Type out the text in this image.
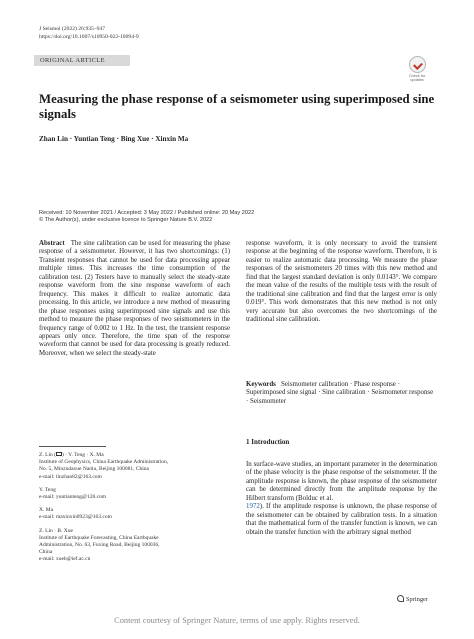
J Seismol (2022) 26:935–947
https://doi.org/10.1007/s10950-022-10094-9
ORIGINAL ARTICLE
Check for
updates
Measuring the phase response of a seismometer using superimposed sine signals
Zhan Lin · Yuntian Teng · Bing Xue · Xinxin Ma
Received: 10 November 2021 / Accepted: 3 May 2022 / Published online: 20 May 2022
© The Author(s), under exclusive licence to Springer Nature B.V. 2022
Abstract The sine calibration can be used for measuring the phase response of a seismometer. However, it has two shortcomings: (1) Transient responses that cannot be used for data processing appear multiple times. This increases the time consumption of the calibration test. (2) Testers have to manually select the steady-state response waveform from the sine response waveform of each frequency. This makes it difficult to realize automatic data processing. In this article, we introduce a new method of measuring the phase responses using superimposed sine signals and use this method to measure the phase responses of two seismometers in the frequency range of 0.002 to 1 Hz. In the test, the transient response appears only once. Therefore, the time span of the response waveform that cannot be used for data processing is greatly reduced. Moreover, when we select the steady-state
response waveform, it is only necessary to avoid the transient response at the beginning of the response waveform. Therefore, it is easier to realize automatic data processing. We measure the phase responses of the seismometers 20 times with this new method and find that the largest standard deviation is only 0.0143°. We compare the mean value of the results of the multiple tests with the result of the traditional sine calibration and find that the largest error is only 0.019°. This work demonstrates that this new method is not only very accurate but also overcomes the two shortcomings of the traditional sine calibration.
Keywords Seismometer calibration · Phase response · Superimposed sine signal · Sine calibration · Seismometer response · Seismometer
1 Introduction
In surface-wave studies, an important parameter in the determination of the phase velocity is the phase response of the seismometer. If the amplitude response is known, the phase response of the seismometer can be determined directly from the amplitude response by the Hilbert transform (Bolduc et al.
1972). If the amplitude response is unknown, the phase response of the seismometer can be obtained by calibration tests. In a situation that the mathematical form of the transfer function is known, we can obtain the transfer function with the arbitrary signal method
Z. Lin ( ) · Y. Teng · X. Ma
Institute of Geophysics, China Earthquake Administration,
No. 5, Minzudaxue Nanlu, Beijing 100081, China
e-mail: linzhan82@163.com
Y. Teng
e-mail: yuntianteng@126.com
X. Ma
e-mail: maxinxin0923@163.com
Z. Lin · B. Xue
Institute of Earthquake Forecasting, China Earthquake
Administration, No. 63, Fuxing Road, Beijing 100036,
China
e-mail: xueb@ief.ac.cn
Springer
Content courtesy of Springer Nature, terms of use apply. Rights reserved.
